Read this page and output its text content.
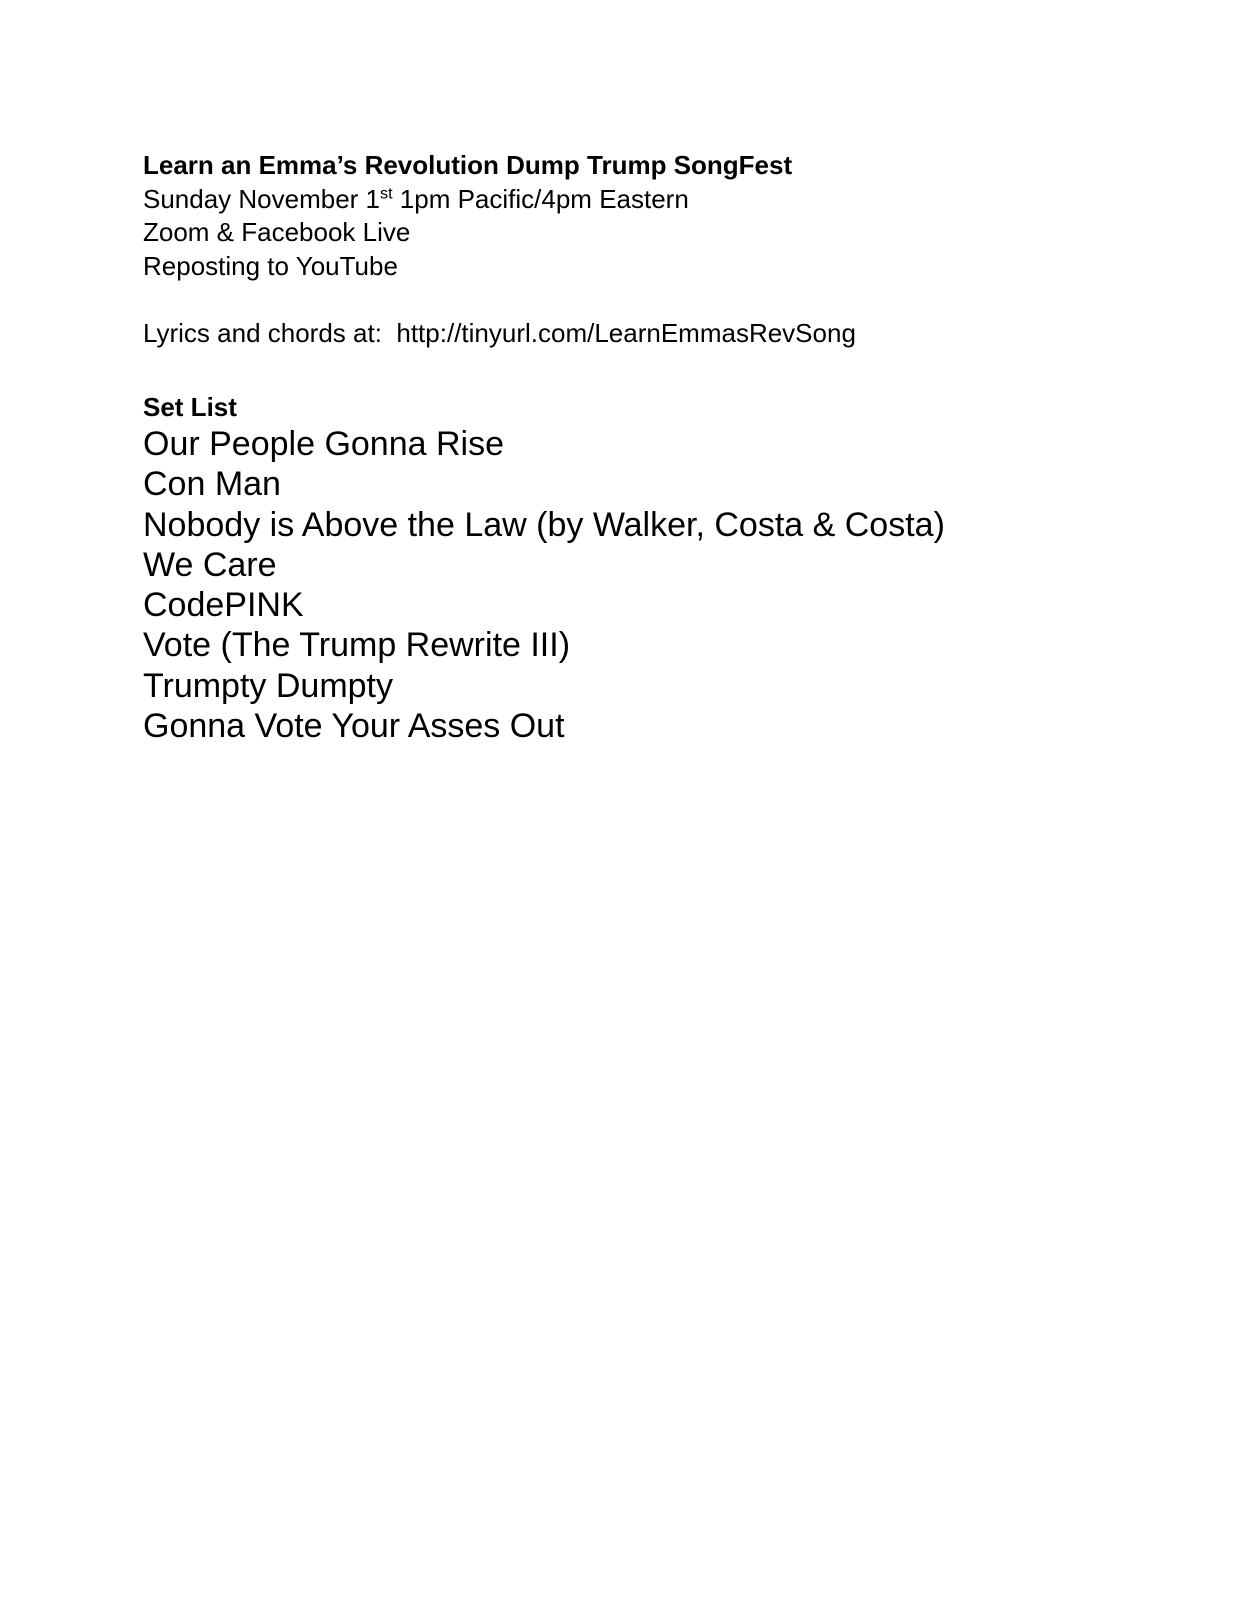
Learn an Emma’s Revolution Dump Trump SongFest

Sunday November 1st 1pm Pacific/4pm Eastern

Zoom & Facebook Live

Reposting to YouTube

Lyrics and chords at:  http://tinyurl.com/LearnEmmasRevSong

Set List

Our People Gonna Rise
Con Man
Nobody is Above the Law (by Walker, Costa & Costa)
We Care
CodePINK
Vote (The Trump Rewrite III)
Trumpty Dumpty
Gonna Vote Your Asses Out
